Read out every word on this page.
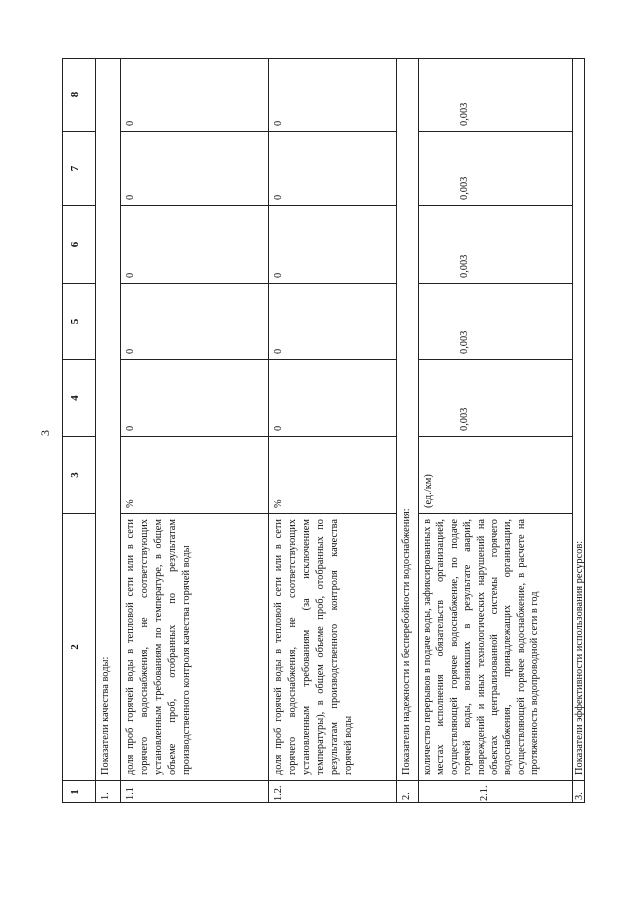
3
1
2
3
4
5
6
7
8
1.
Показатели качества воды:
1.1
доля проб горячей воды в тепловой сети или в сети горячего водоснабжения, не соответствующих установленным требованиям по температуре, в общем объеме проб, отобранных по результатам производственного контроля качества горячей воды
%
0
0
0
0
0
1.2.
доля проб горячей воды в тепловой сети или в сети горячего водоснабжения, не соответствующих установленным требованиям (за исключением температуры), в общем объеме проб, отобранных по результатам производственного контроля качества горячей воды
%
0
0
0
0
0
2.
Показатели надежности и бесперебойности водоснабжения:
2.1.
количество перерывов в подаче воды, зафиксированных в местах исполнения обязательств организацией, осуществляющей горячее водоснабжение, по подаче горячей воды, возникших в результате аварий, повреждений и иных технологических нарушений на объектах централизованной системы горячего водоснабжения, принадлежащих организации, осуществляющей горячее водоснабжение, в расчете на протяженность водопроводной сети в год
(ед./км)
0,003
0,003
0,003
0,003
0,003
3.
Показатели эффективности использования ресурсов:
